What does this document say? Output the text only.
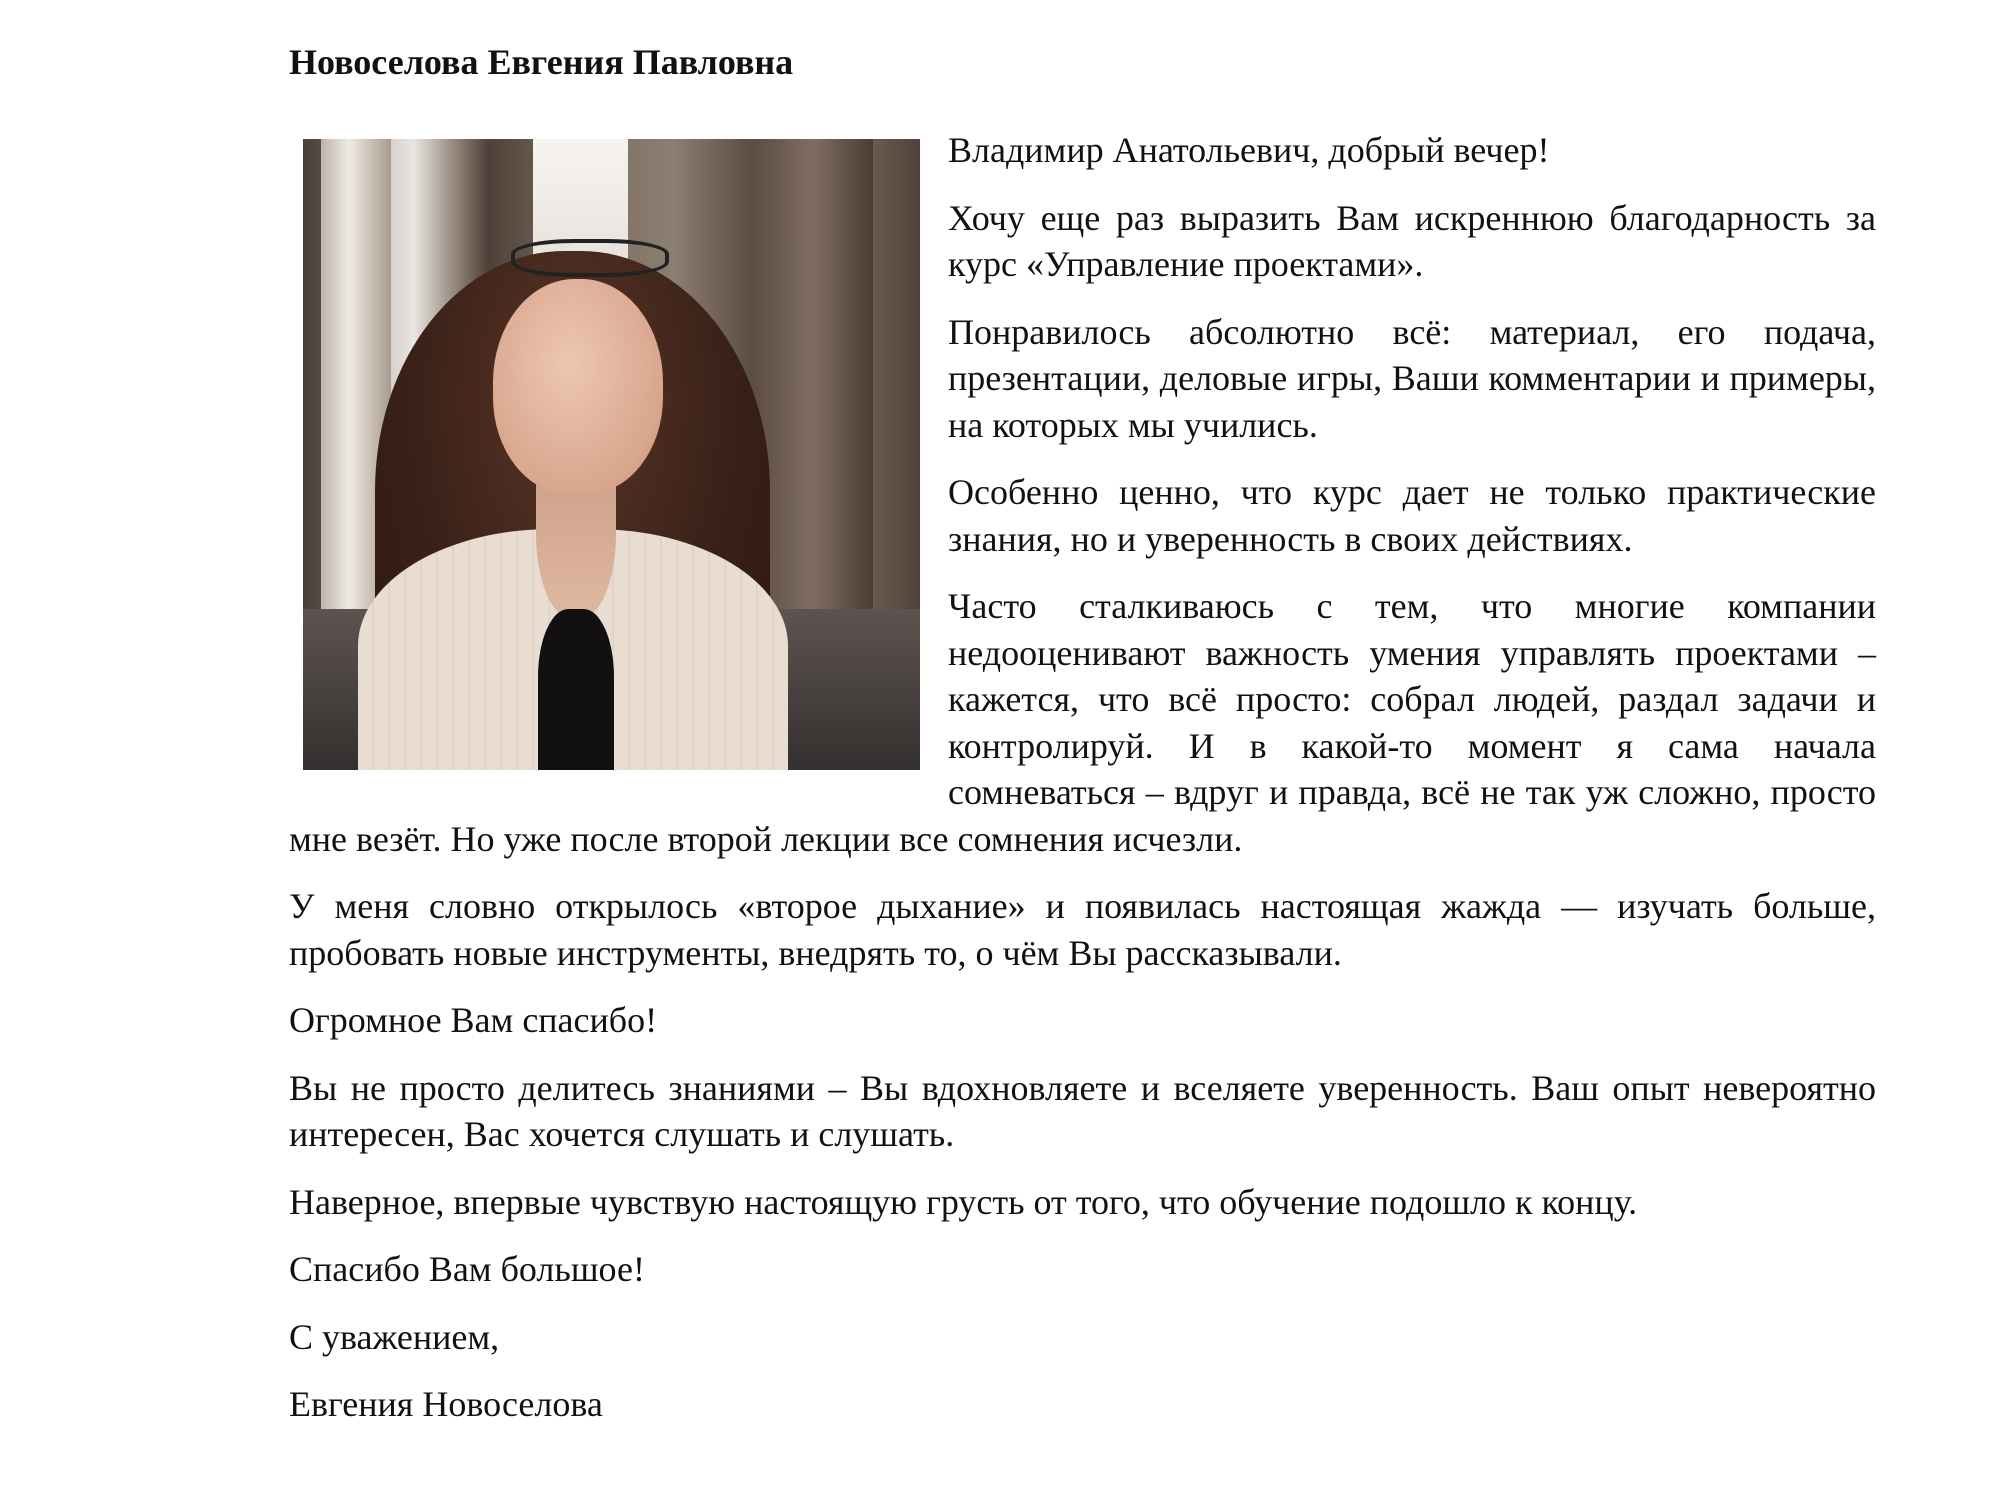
Новоселова Евгения Павловна

Владимир Анатольевич, добрый вечер!

Хочу еще раз выразить Вам искреннюю благодарность за курс «Управление проектами».

Понравилось абсолютно всё: материал, его подача, презентации, деловые игры, Ваши комментарии и примеры, на которых мы учились.

Особенно ценно, что курс дает не только практические знания, но и уверенность в своих действиях.

Часто сталкиваюсь с тем, что многие компании недооценивают важность умения управлять проектами – кажется, что всё просто: собрал людей, раздал задачи и контролируй. И в какой-то момент я сама начала сомневаться – вдруг и правда, всё не так уж сложно, просто мне везёт. Но уже после второй лекции все сомнения исчезли.

У меня словно открылось «второе дыхание» и появилась настоящая жажда — изучать больше, пробовать новые инструменты, внедрять то, о чём Вы рассказывали.

Огромное Вам спасибо!

Вы не просто делитесь знаниями – Вы вдохновляете и вселяете уверенность. Ваш опыт невероятно интересен, Вас хочется слушать и слушать.

Наверное, впервые чувствую настоящую грусть от того, что обучение подошло к концу.

Спасибо Вам большое!

С уважением,

Евгения Новоселова
